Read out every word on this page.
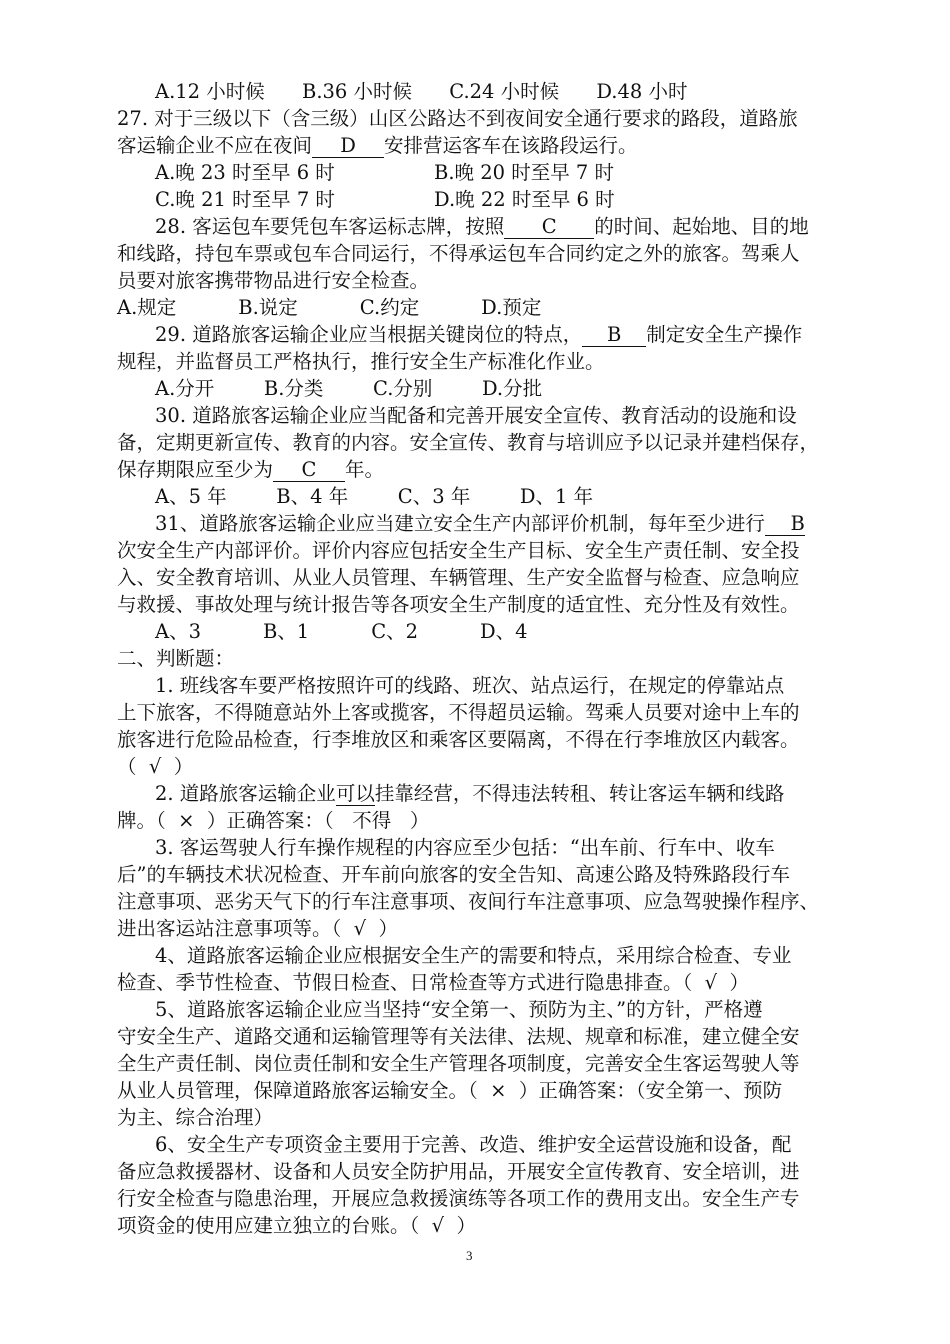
A.12 小时候      B.36 小时候      C.24 小时候      D.48 小时
27. 对于三级以下（含三级）山区公路达不到夜间安全通行要求的路段，道路旅
客运输企业不应在夜间 D 安排营运客车在该路段运行。
A.晚 23 时至早 6 时	B.晚 20 时至早 7 时
C.晚 21 时至早 7 时	D.晚 22 时至早 6 时
28. 客运包车要凭包车客运标志牌，按照 C 的时间、起始地、目的地
和线路，持包车票或包车合同运行，不得承运包车合同约定之外的旅客。驾乘人
员要对旅客携带物品进行安全检查。
A.规定          B.说定          C.约定          D.预定
29. 道路旅客运输企业应当根据关键岗位的特点， B 制定安全生产操作
规程，并监督员工严格执行，推行安全生产标准化作业。
A.分开        B.分类        C.分别        D.分批
30. 道路旅客运输企业应当配备和完善开展安全宣传、教育活动的设施和设
备，定期更新宣传、教育的内容。安全宣传、教育与培训应予以记录并建档保存，
保存期限应至少为 C 年。
A、5 年        B、4 年        C、3 年        D、1 年
31、道路旅客运输企业应当建立安全生产内部评价机制，每年至少进行 B
次安全生产内部评价。评价内容应包括安全生产目标、安全生产责任制、安全投
入、安全教育培训、从业人员管理、车辆管理、生产安全监督与检查、应急响应
与救援、事故处理与统计报告等各项安全生产制度的适宜性、充分性及有效性。
A、3          B、1          C、2          D、4
二、判断题：
1. 班线客车要严格按照许可的线路、班次、站点运行，在规定的停靠站点
上下旅客，不得随意站外上客或揽客，不得超员运输。驾乘人员要对途中上车的
旅客进行危险品检查，行李堆放区和乘客区要隔离，不得在行李堆放区内载客。
（  √  ）
2. 道路旅客运输企业可以挂靠经营，不得违法转租、转让客运车辆和线路
牌。（  ×  ）正确答案：（   不得   ）
3. 客运驾驶人行车操作规程的内容应至少包括：“出车前、行车中、收车
后”的车辆技术状况检查、开车前向旅客的安全告知、高速公路及特殊路段行车
注意事项、恶劣天气下的行车注意事项、夜间行车注意事项、应急驾驶操作程序、
进出客运站注意事项等。（  √  ）
4、道路旅客运输企业应根据安全生产的需要和特点，采用综合检查、专业
检查、季节性检查、节假日检查、日常检查等方式进行隐患排查。（  √  ）
5、道路旅客运输企业应当坚持“安全第一、预防为主、”的方针，严格遵
守安全生产、道路交通和运输管理等有关法律、法规、规章和标准，建立健全安
全生产责任制、岗位责任制和安全生产管理各项制度，完善安全生客运驾驶人等
从业人员管理，保障道路旅客运输安全。（  ×  ）正确答案：（安全第一、预防
为主、综合治理）
6、安全生产专项资金主要用于完善、改造、维护安全运营设施和设备，配
备应急救援器材、设备和人员安全防护用品，开展安全宣传教育、安全培训，进
行安全检查与隐患治理，开展应急救援演练等各项工作的费用支出。安全生产专
项资金的使用应建立独立的台账。（  √  ）
3
